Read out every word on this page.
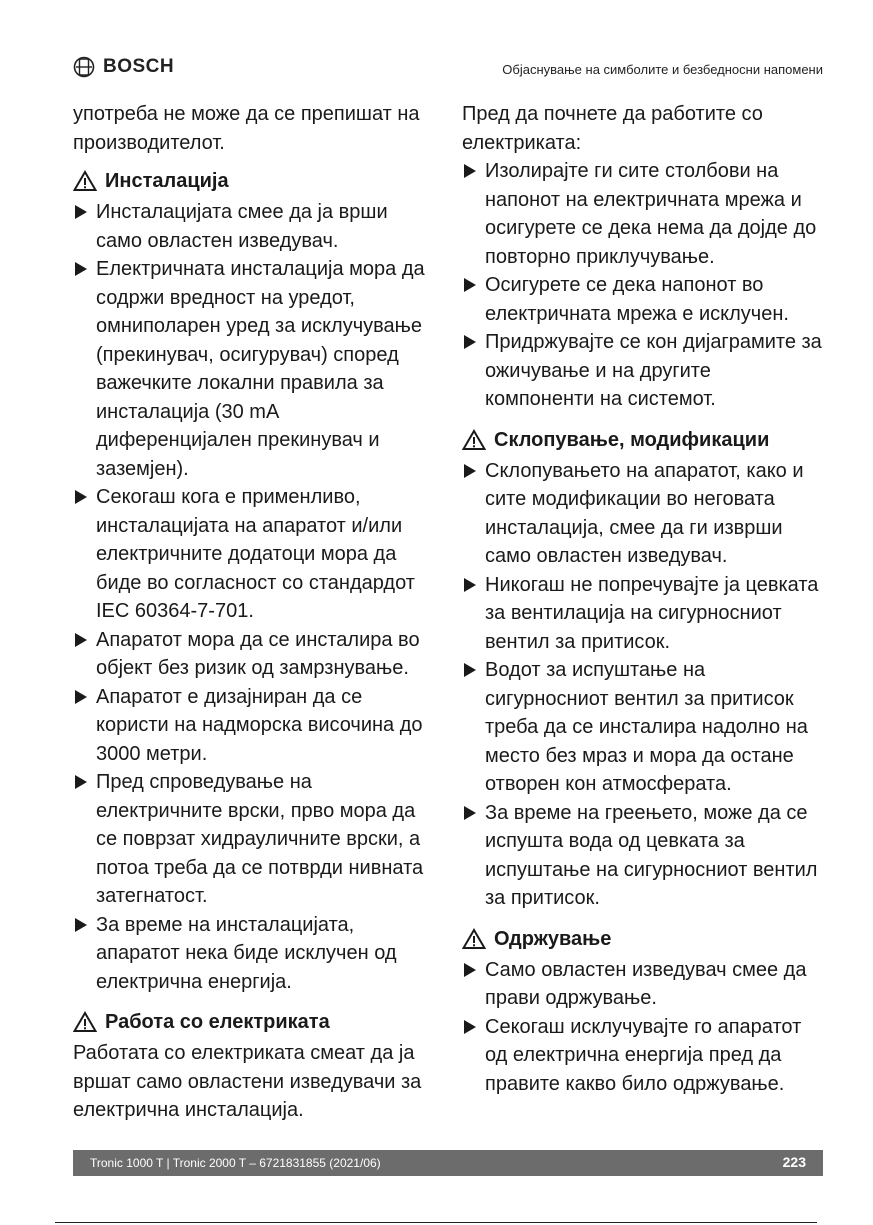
BOSCH	Објаснување на симболите и безбедносни напомени

употреба не може да се препишат на производителот.

Инсталација
Инсталацијата смее да ја врши само овластен изведувач.
Електричната инсталација мора да содржи вредност на уредот, омниполарен уред за исклучување (прекинувач, осигурувач) според важечките локални правила за инсталација (30 mA диференцијален прекинувач и заземјен).
Секогаш кога е применливо, инсталацијата на апаратот и/или електричните додатоци мора да биде во согласност со стандардот IEC 60364-7-701.
Апаратот мора да се инсталира во објект без ризик од замрзнување.
Апаратот е дизајниран да се користи на надморска височина до 3000 метри.
Пред спроведување на електричните врски, прво мора да се поврзат хидрауличните врски, а потоа треба да се потврди нивната затегнатост.
За време на инсталацијата, апаратот нека биде исклучен од електрична енергија.
Работа со електриката

Работата со електриката смеат да ја вршат само овластени изведувачи за електрична инсталација.

Пред да почнете да работите со електриката:

Изолирајте ги сите столбови на напонот на електричната мрежа и осигурете се дека нема да дојде до повторно приклучување.
Осигурете се дека напонот во електричната мрежа е исклучен.
Придржувајте се кон дијаграмите за ожичување и на другите компоненти на системот.
Склопување, модификации
Склопувањето на апаратот, како и сите модификации во неговата инсталација, смее да ги изврши само овластен изведувач.
Никогаш не попречувајте ја цевката за вентилација на сигурносниот вентил за притисок.
Водот за испуштање на сигурносниот вентил за притисок треба да се инсталира надолно на место без мраз и мора да остане отворен кон атмосферата.
За време на греењето, може да се испушта вода од цевката за испуштање на сигурносниот вентил за притисок.
Одржување
Само овластен изведувач смее да прави одржување.
Секогаш исклучувајте го апаратот од електрична енергија пред да правите какво било одржување.
Tronic 1000 T | Tronic 2000 T – 6721831855 (2021/06)	223
